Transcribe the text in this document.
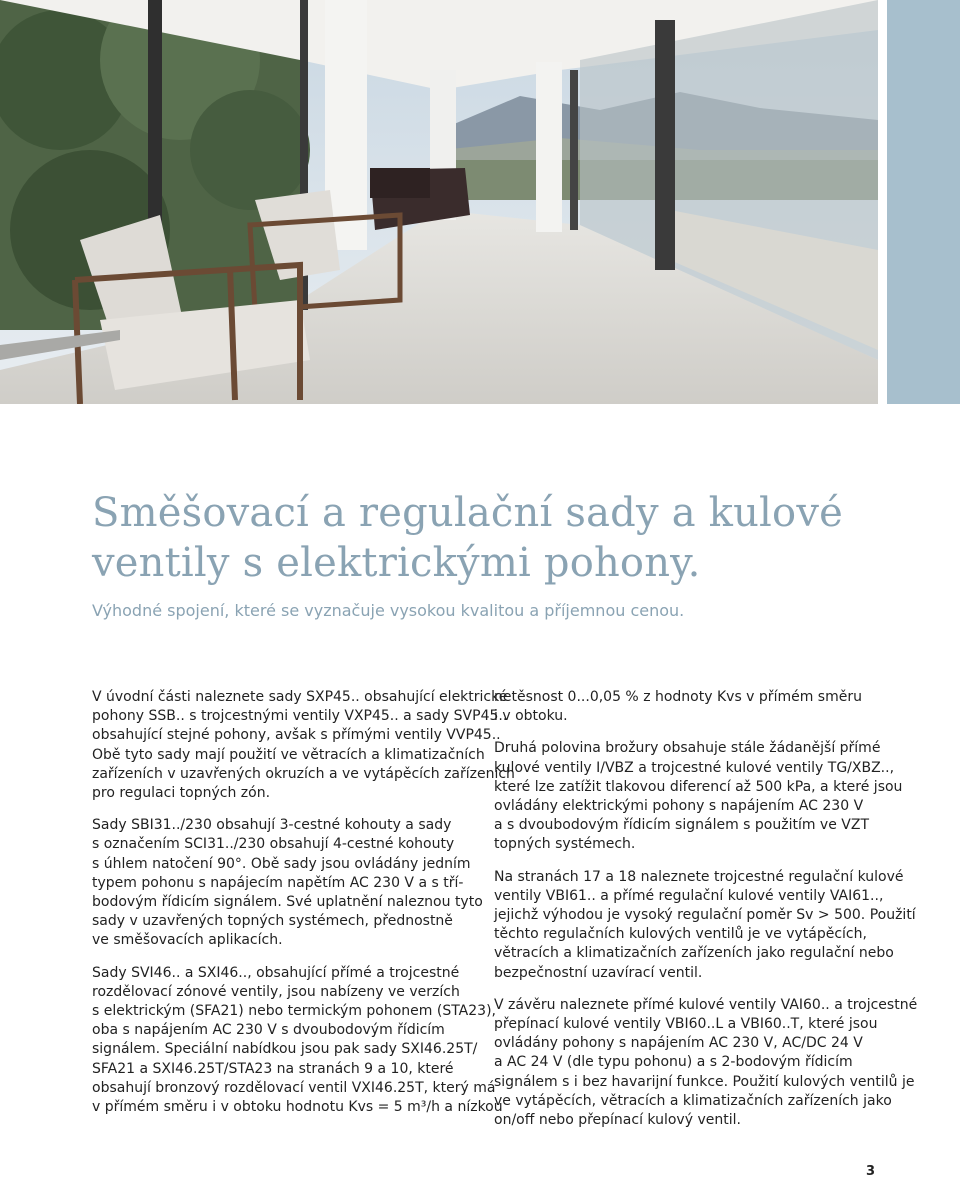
Směšovací a regulační sady a kulové
ventily s elektrickými pohony.

Výhodné spojení, které se vyznačuje vysokou kvalitou a příjemnou cenou.

V úvodní části naleznete sady SXP45.. obsahující elektrické
pohony SSB.. s trojcestnými ventily VXP45.. a sady SVP45..
obsahující stejné pohony, avšak s přímými ventily VVP45..
Obě tyto sady mají použití ve větracích a klimatizačních
zařízeních v uzavřených okruzích a ve vytápěcích zařízeních
pro regulaci topných zón.

Sady SBI31../230 obsahují 3-cestné kohouty a sady
s označením SCI31../230 obsahují 4-cestné kohouty
s úhlem natočení 90°. Obě sady jsou ovládány jedním
typem pohonu s napájecím napětím AC 230 V a s tří-
bodovým řídicím signálem. Své uplatnění naleznou tyto
sady v uzavřených topných systémech, přednostně
ve směšovacích aplikacích.

Sady SVI46.. a SXI46.., obsahující přímé a trojcestné
rozdělovací zónové ventily, jsou nabízeny ve verzích
s elektrickým (SFA21) nebo termickým pohonem (STA23),
oba s napájením AC 230 V s dvoubodovým řídicím
signálem. Speciální nabídkou jsou pak sady SXI46.25T/
SFA21 a SXI46.25T/STA23 na stranách 9 a 10, které
obsahují bronzový rozdělovací ventil VXI46.25T, který má
v přímém směru i v obtoku hodnotu Kvs = 5 m³/h a nízkou

netěsnost 0...0,05 % z hodnoty Kvs v přímém směru
i v obtoku.

Druhá polovina brožury obsahuje stále žádanější přímé
kulové ventily I/VBZ a trojcestné kulové ventily TG/XBZ..,
které lze zatížit tlakovou diferencí až 500 kPa, a které jsou
ovládány elektrickými pohony s napájením AC 230 V
a s dvoubodovým řídicím signálem s použitím ve VZT
topných systémech.

Na stranách 17 a 18 naleznete trojcestné regulační kulové
ventily VBI61.. a přímé regulační kulové ventily VAI61..,
jejichž výhodou je vysoký regulační poměr Sv > 500. Použití
těchto regulačních kulových ventilů je ve vytápěcích,
větracích a klimatizačních zařízeních jako regulační nebo
bezpečnostní uzavírací ventil.

V závěru naleznete přímé kulové ventily VAI60.. a trojcestné
přepínací kulové ventily VBI60..L a VBI60..T, které jsou
ovládány pohony s napájením AC 230 V, AC/DC 24 V
a AC 24 V (dle typu pohonu) a s 2-bodovým řídicím
signálem s i bez havarijní funkce. Použití kulových ventilů je
ve vytápěcích, větracích a klimatizačních zařízeních jako
on/off nebo přepínací kulový ventil.

3
